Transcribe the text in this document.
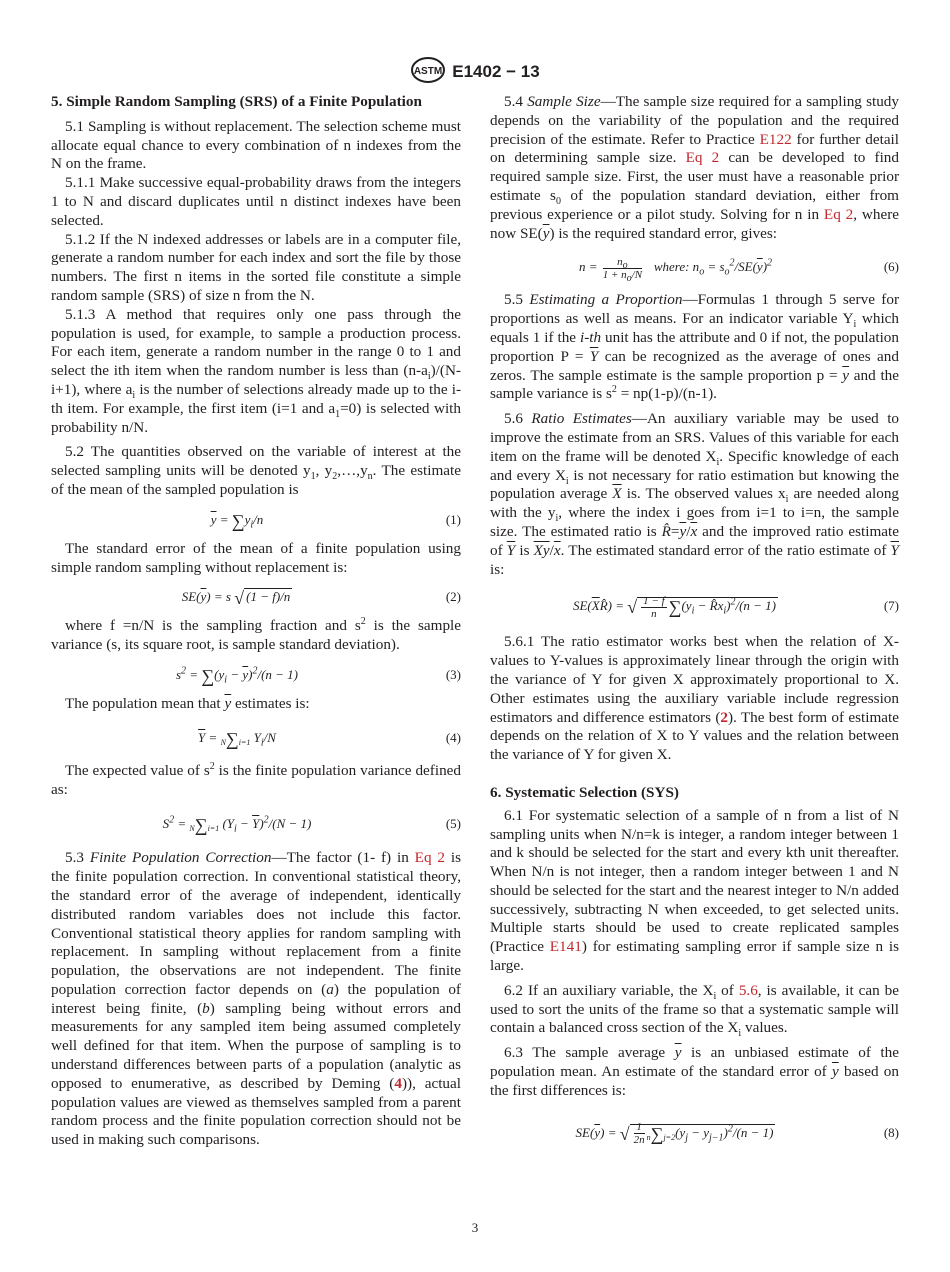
ASTM E1402 − 13
5. Simple Random Sampling (SRS) of a Finite Population

5.1 Sampling is without replacement. The selection scheme must allocate equal chance to every combination of n indexes from the N on the frame.

5.1.1 Make successive equal-probability draws from the integers 1 to N and discard duplicates until n distinct indexes have been selected.

5.1.2 If the N indexed addresses or labels are in a computer file, generate a random number for each index and sort the file by those numbers. The first n items in the sorted file constitute a simple random sample (SRS) of size n from the N.

5.1.3 A method that requires only one pass through the population is used, for example, to sample a production process. For each item, generate a random number in the range 0 to 1 and select the ith item when the random number is less than $(n-a_i)/(N-i+1)$, where $a_i$ is the number of selections already made up to the i-th item. For example, the first item (i=1 and $a_1=0$) is selected with probability n/N.

5.2 The quantities observed on the variable of interest at the selected sampling units will be denoted $y_1$, $y_2,\dots,y_n$. The estimate of the mean of the sampled population is

$\overline{y} = \sum y_i/n$	(1)

The standard error of the mean of a finite population using simple random sampling without replacement is:

$SE(\overline{y}) = s$ √ (1 − f)/n	(2)

where f =n/N is the sampling fraction and $s^2$ is the sample variance (s, its square root, is sample standard deviation).

$s^2 = \sum(y_i - \overline{y})^2/(n - 1)$	(3)

The population mean that $\overline{y}$ estimates is:

$\overline{Y} = N\sum i=1$ $Y_i/N$	(4)

The expected value of $s^2$ is the finite population variance defined as:

$S^2 = N\sum i=1$ $(Y_i - \overline{Y})^2/(N - 1)$	(5)

5.3 Finite Population Correction—The factor (1- f) in Eq 2 is the finite population correction. In conventional statistical theory, the standard error of the average of independent, identically distributed random variables does not include this factor. Conventional statistical theory applies for random sampling with replacement. In sampling without replacement from a finite population, the observations are not independent. The finite population correction factor depends on (a) the population of interest being finite, (b) sampling being without errors and measurements for any sampled item being assumed completely well defined for that item. When the purpose of sampling is to understand differences between parts of a population (analytic as opposed to enumerative, as described by Deming (4)), actual population values are viewed as themselves sampled from a parent random process and the finite population correction should not be used in making such comparisons.

5.4 Sample Size—The sample size required for a sampling study depends on the variability of the population and the required precision of the estimate. Refer to Practice E122 for further detail on determining sample size. Eq 2 can be developed to find required sample size. First, the user must have a reasonable prior estimate $s_0$ of the population standard deviation, either from previous experience or a pilot study. Solving for n in Eq 2, where now $SE(\overline{y})$ is the required standard error, gives:

$n = \frac{n_o}{1 + n_o/N}$ where: $n_o = s_o^2/SE(\overline{y})^2$	(6)

5.5 Estimating a Proportion—Formulas 1 through 5 serve for proportions as well as means. For an indicator variable $Y_i$ which equals 1 if the i-th unit has the attribute and 0 if not, the population proportion $P = \overline{Y}$ can be recognized as the average of ones and zeros. The sample estimate is the sample proportion $p = \overline{y}$ and the sample variance is $s^2 = np(1-p)/(n-1)$.

5.6 Ratio Estimates—An auxiliary variable may be used to improve the estimate from an SRS. Values of this variable for each item on the frame will be denoted $X_i$. Specific knowledge of each and every $X_i$ is not necessary for ratio estimation but knowing the population average $\overline{X}$ is. The observed values $x_i$ are needed along with the $y_i$, where the index i goes from i=1 to i=n, the sample size. The estimated ratio is $R̂=\overline{y}/\overline{x}$ and the improved ratio estimate of $\overline{Y}$ is $\overline{X}\overline{y}/\overline{x}$. The estimated standard error of the ratio estimate of $\overline{Y}$ is:

$SE(\overline{X}R̂)$ = √ $\frac{1 - f}{n} \sum(y_i$ − $R̂x_i)^2/(n - 1)$	(7)

5.6.1 The ratio estimator works best when the relation of X-values to Y-values is approximately linear through the origin with the variance of Y for given X approximately proportional to X. Other estimates using the auxiliary variable include regression estimators and difference estimators (2). The best form of estimate depends on the relation of X to Y values and the relation between the variance of Y for given X.

6. Systematic Selection (SYS)

6.1 For systematic selection of a sample of n from a list of N sampling units when N/n=k is integer, a random integer between 1 and k should be selected for the start and every kth unit thereafter. When N/n is not integer, then a random integer between 1 and N should be selected for the start and the nearest integer to N/n added successively, subtracting N when exceeded, to get selected units. Multiple starts should be used to create replicated samples (Practice E141) for estimating sampling error if sample size n is large.

6.2 If an auxiliary variable, the $X_i$ of 5.6, is available, it can be used to sort the units of the frame so that a systematic sample will contain a balanced cross section of the $X_i$ values.

6.3 The sample average $\overline{y}$ is an unbiased estimate of the population mean. An estimate of the standard error of $\overline{y}$ based on the first differences is:

$SE(\overline{y})$ = √ $\frac{1}{2n} n\sum j=2(y_j - y_{j-1})^2/(n - 1)$	(8)
3
